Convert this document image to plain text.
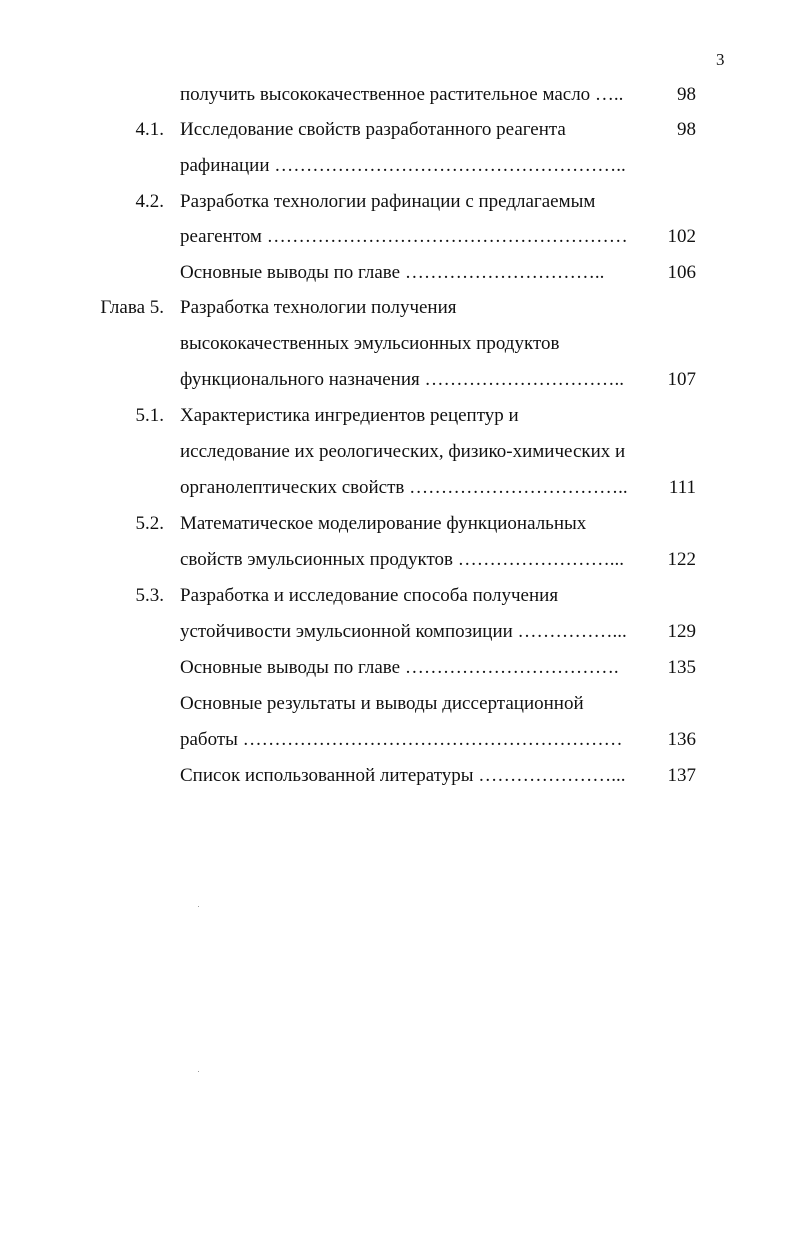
3
получить высококачественное растительное масло …..	98
4.1. Исследование свойств разработанного реагента	98
рафинации ………………………………………………..
4.2. Разработка технологии рафинации с предлагаемым
реагентом ………………………………………………… 102
Основные выводы по главе …………………………..	106
Глава 5. Разработка технологии получения
высококачественных эмульсионных продуктов
функционального назначения ………………………….. 107
5.1. Характеристика ингредиентов рецептур и
исследование их реологических, физико-химических и
органолептических свойств …………………………….. 111
5.2. Математическое моделирование функциональных
свойств эмульсионных продуктов ……………………... 122
5.3. Разработка и исследование способа получения
устойчивости эмульсионной композиции ……………... 129
Основные выводы по главе …………………………….	135
Основные результаты и выводы диссертационной
работы …………………………………………………… 136
Список использованной литературы …………………... 137
